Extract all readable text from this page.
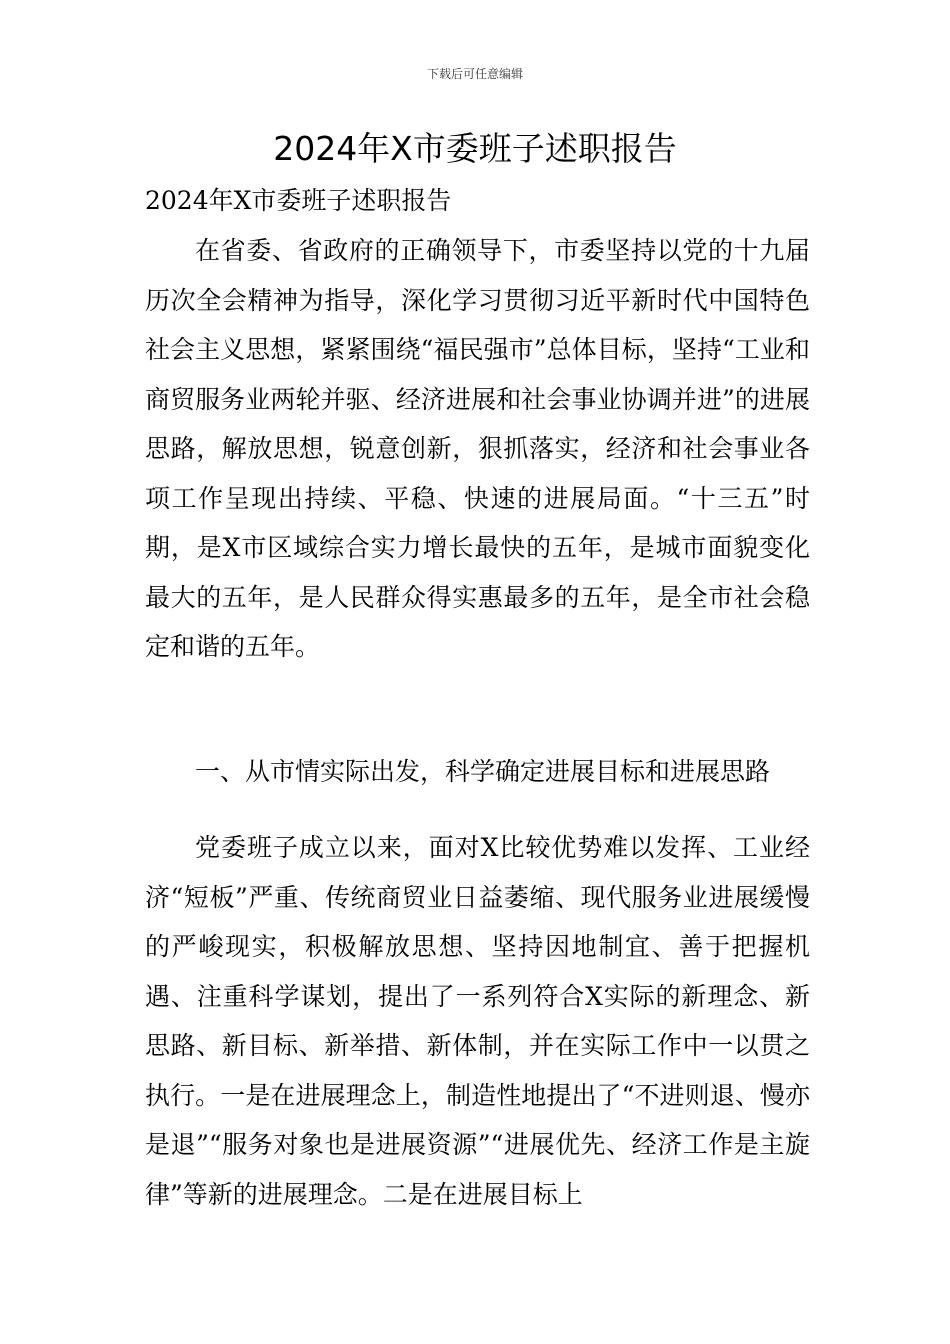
下载后可任意编辑
2024年X市委班子述职报告

2024年X市委班子述职报告

在省委、省政府的正确领导下，市委坚持以党的十九届历次全会精神为指导，深化学习贯彻习近平新时代中国特色社会主义思想，紧紧围绕“福民强市”总体目标，坚持“工业和商贸服务业两轮并驱、经济进展和社会事业协调并进”的进展思路，解放思想，锐意创新，狠抓落实，经济和社会事业各项工作呈现出持续、平稳、快速的进展局面。“十三五”时期，是X市区域综合实力增长最快的五年，是城市面貌变化最大的五年，是人民群众得实惠最多的五年，是全市社会稳定和谐的五年。

一、从市情实际出发，科学确定进展目标和进展思路

党委班子成立以来，面对X比较优势难以发挥、工业经济“短板”严重、传统商贸业日益萎缩、现代服务业进展缓慢的严峻现实，积极解放思想、坚持因地制宜、善于把握机遇、注重科学谋划，提出了一系列符合X实际的新理念、新思路、新目标、新举措、新体制，并在实际工作中一以贯之执行。一是在进展理念上，制造性地提出了“不进则退、慢亦是退”“服务对象也是进展资源”“进展优先、经济工作是主旋律”等新的进展理念。二是在进展目标上
